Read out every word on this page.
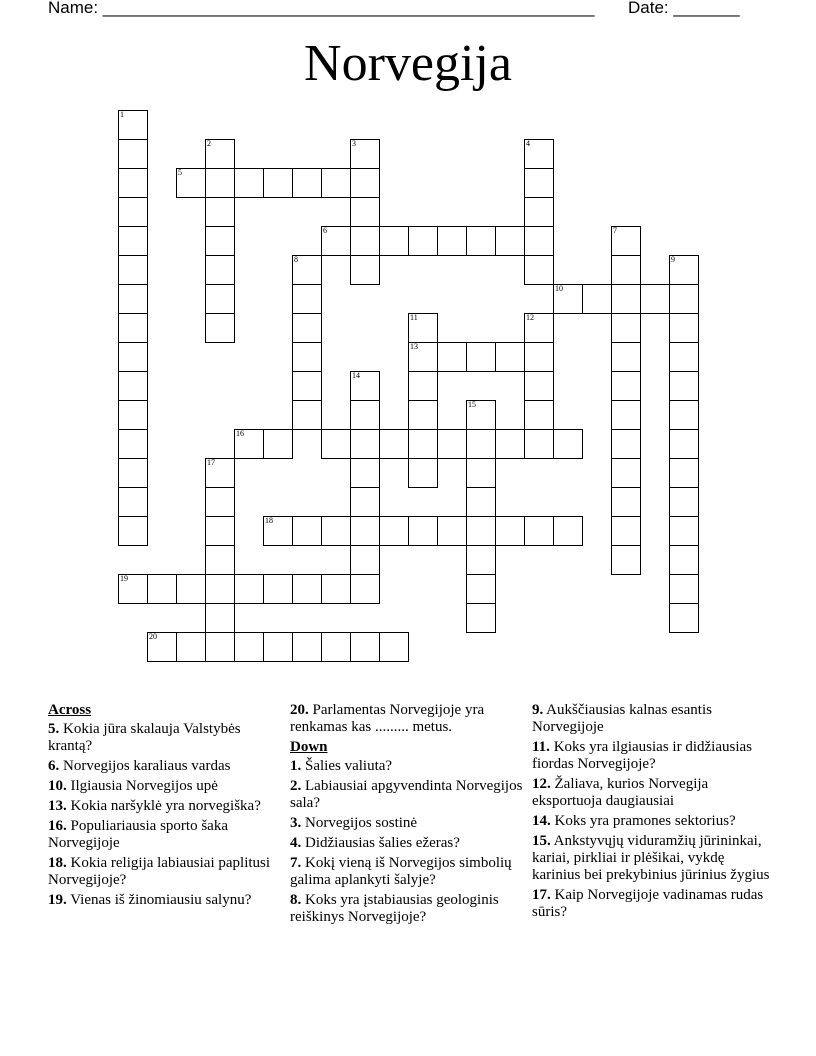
Name: ____________________________________________________ Date: _______
Norvegija
1
19
20
2
5
3
6
4
8
16
17
14
18
11
13
12
15
7
10
9
Across
5. Kokia jūra skalauja Valstybės krantą?
6. Norvegijos karaliaus vardas
10. Ilgiausia Norvegijos upė
13. Kokia naršyklė yra norvegiška?
16. Populiariausia sporto šaka Norvegijoje
18. Kokia religija labiausiai paplitusi Norvegijoje?
19. Vienas iš žinomiausiu salynu?
20. Parlamentas Norvegijoje yra renkamas kas ......... metus.
Down
1. Šalies valiuta?
2. Labiausiai apgyvendinta Norvegijos sala?
3. Norvegijos sostinė
4. Didžiausias šalies ežeras?
7. Kokį vieną iš Norvegijos simbolių galima aplankyti šalyje?
8. Koks yra įstabiausias geologinis reiškinys Norvegijoje?
9. Aukščiausias kalnas esantis Norvegijoje
11. Koks yra ilgiausias ir didžiausias fiordas Norvegijoje?
12. Žaliava, kurios Norvegija eksportuoja daugiausiai
14. Koks yra pramones sektorius?
15. Ankstyvųjų viduramžių jūrininkai, kariai, pirkliai ir plėšikai, vykdę karinius bei prekybinius jūrinius žygius
17. Kaip Norvegijoje vadinamas rudas sūris?
